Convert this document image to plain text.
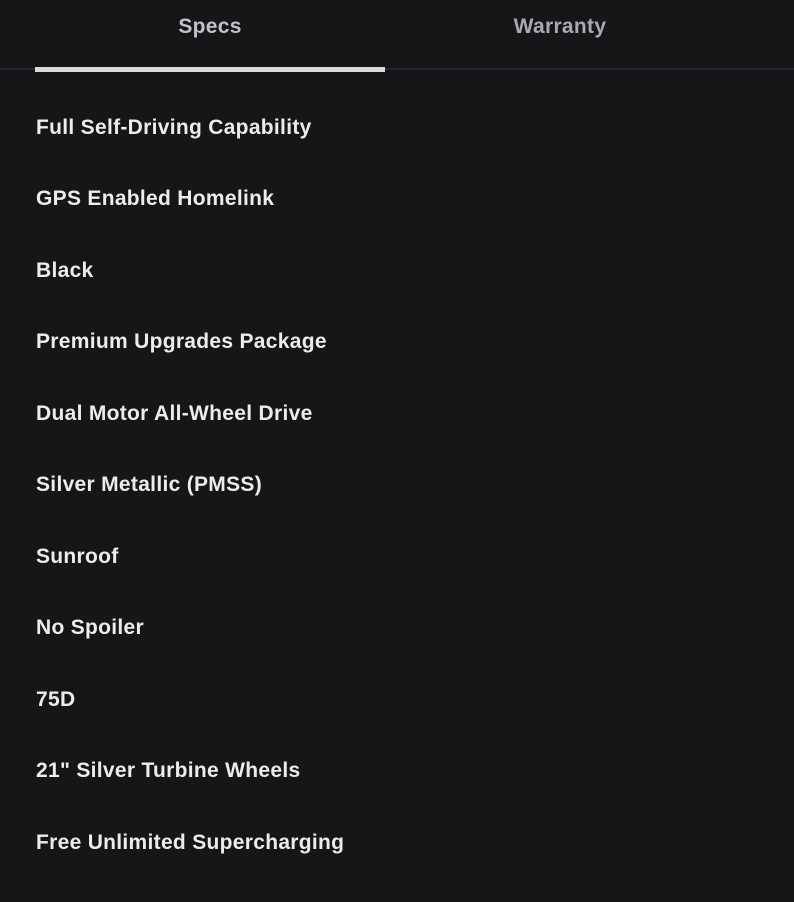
Specs	Warranty
Full Self-Driving Capability
GPS Enabled Homelink
Black
Premium Upgrades Package
Dual Motor All-Wheel Drive
Silver Metallic (PMSS)
Sunroof
No Spoiler
75D
21" Silver Turbine Wheels
Free Unlimited Supercharging
